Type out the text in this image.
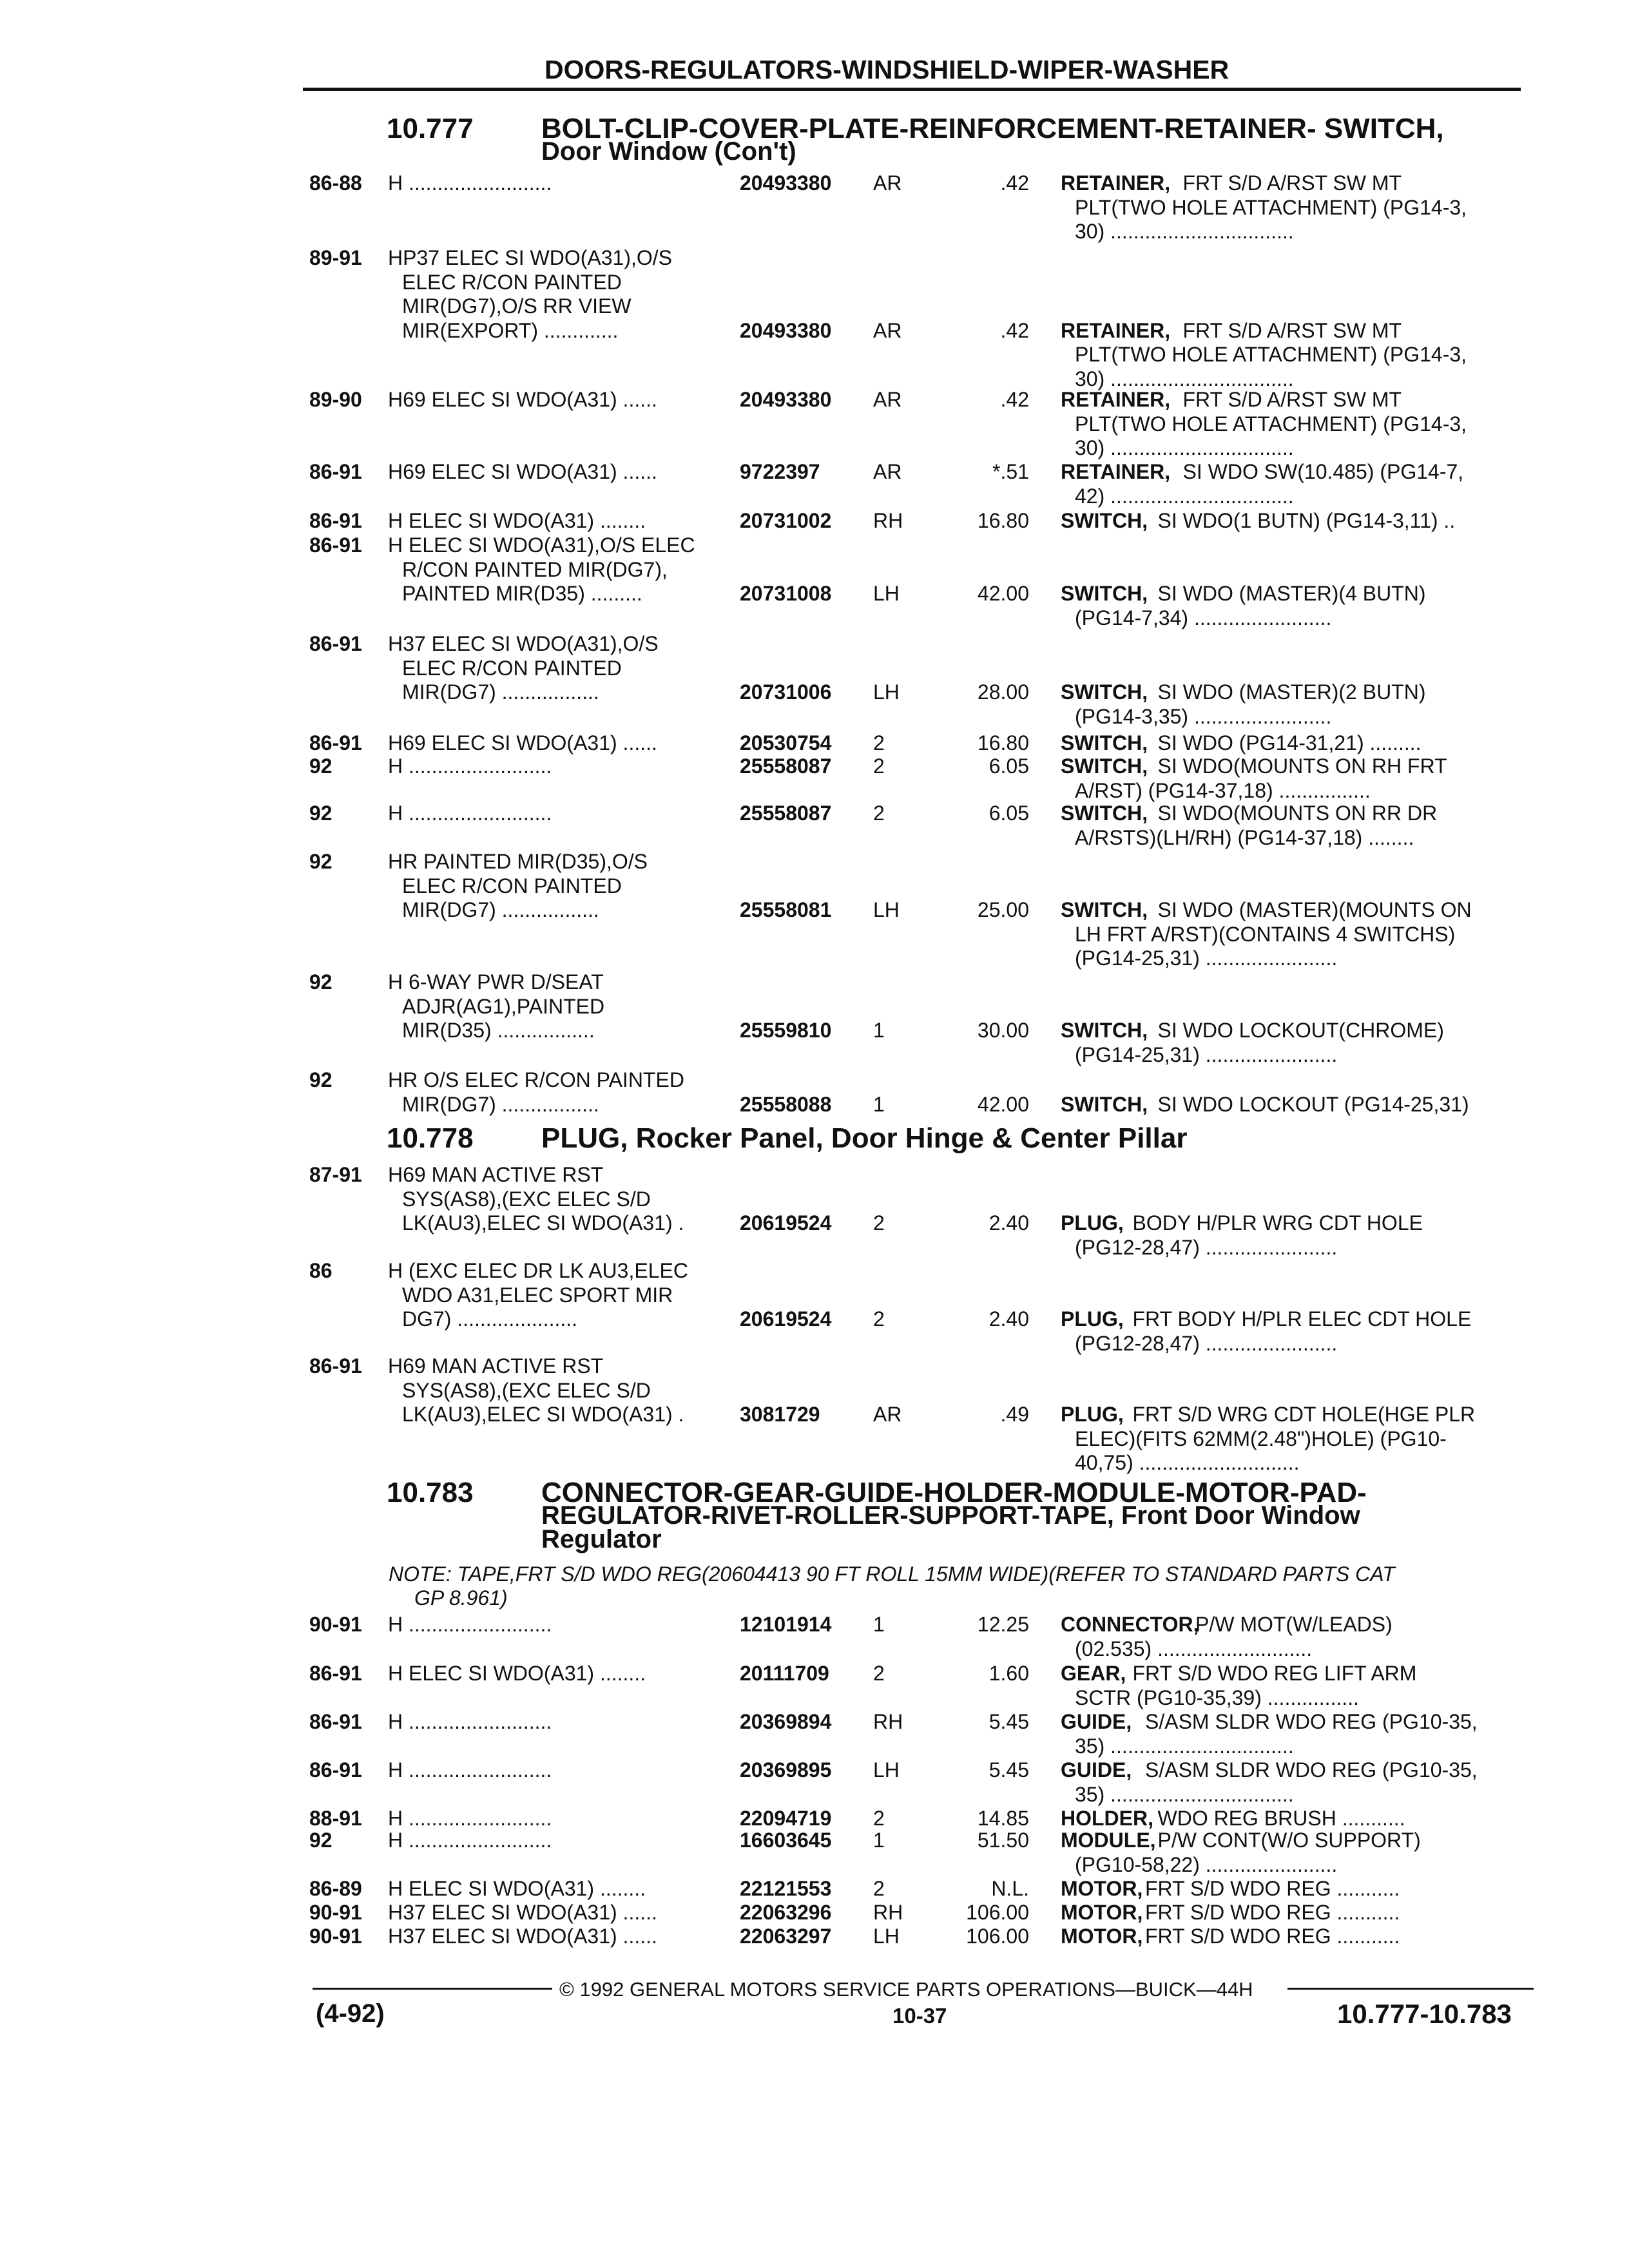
DOORS-REGULATORS-WINDSHIELD-WIPER-WASHER
10.777 BOLT-CLIP-COVER-PLATE-REINFORCEMENT-RETAINER- SWITCH,
Door Window (Con't)
86-88 H .........................	20493380 AR	.42 RETAINER, FRT S/D A/RST SW MT
PLT(TWO HOLE ATTACHMENT) (PG14-3,
30) ................................
89-91 HP37 ELEC SI WDO(A31),O/S
ELEC R/CON PAINTED
MIR(DG7),O/S RR VIEW
MIR(EXPORT) .............	20493380 AR	.42 RETAINER, FRT S/D A/RST SW MT
PLT(TWO HOLE ATTACHMENT) (PG14-3,
30) ................................
89-90 H69 ELEC SI WDO(A31) ......	20493380 AR	.42 RETAINER, FRT S/D A/RST SW MT
PLT(TWO HOLE ATTACHMENT) (PG14-3,
30) ................................
86-91 H69 ELEC SI WDO(A31) ......	9722397	AR	*.51 RETAINER, SI WDO SW(10.485) (PG14-7,
42) ................................
86-91 H ELEC SI WDO(A31) ........	20731002 RH	16.80 SWITCH, SI WDO(1 BUTN) (PG14-3,11) ..
86-91 H ELEC SI WDO(A31),O/S ELEC
R/CON PAINTED MIR(DG7),
PAINTED MIR(D35) .........	20731008 LH	42.00 SWITCH, SI WDO (MASTER)(4 BUTN)
(PG14-7,34) ........................
86-91 H37 ELEC SI WDO(A31),O/S
ELEC R/CON PAINTED
MIR(DG7) .................	20731006 LH	28.00 SWITCH, SI WDO (MASTER)(2 BUTN)
(PG14-3,35) ........................
86-91 H69 ELEC SI WDO(A31) ......	20530754 2	16.80 SWITCH, SI WDO (PG14-31,21) .........
92	H .........................	25558087 2	6.05 SWITCH, SI WDO(MOUNTS ON RH FRT
A/RST) (PG14-37,18) ................
92	H .........................	25558087 2	6.05 SWITCH, SI WDO(MOUNTS ON RR DR
A/RSTS)(LH/RH) (PG14-37,18) ........
92	HR PAINTED MIR(D35),O/S
ELEC R/CON PAINTED
MIR(DG7) .................	25558081 LH	25.00 SWITCH, SI WDO (MASTER)(MOUNTS ON
LH FRT A/RST)(CONTAINS 4 SWITCHS)
(PG14-25,31) .......................
92	H 6-WAY PWR D/SEAT
ADJR(AG1),PAINTED
MIR(D35) .................	25559810 1	30.00 SWITCH, SI WDO LOCKOUT(CHROME)
(PG14-25,31) .......................
92	HR O/S ELEC R/CON PAINTED
MIR(DG7) .................	25558088 1	42.00 SWITCH, SI WDO LOCKOUT (PG14-25,31)
10.778 PLUG, Rocker Panel, Door Hinge & Center Pillar
87-91 H69 MAN ACTIVE RST
SYS(AS8),(EXC ELEC S/D
LK(AU3),ELEC SI WDO(A31) .	20619524 2	2.40 PLUG, BODY H/PLR WRG CDT HOLE
(PG12-28,47) .......................
86	H (EXC ELEC DR LK AU3,ELEC
WDO A31,ELEC SPORT MIR
DG7) .....................	20619524 2	2.40 PLUG, FRT BODY H/PLR ELEC CDT HOLE
(PG12-28,47) .......................
86-91 H69 MAN ACTIVE RST
SYS(AS8),(EXC ELEC S/D
LK(AU3),ELEC SI WDO(A31) .	3081729	AR	.49 PLUG, FRT S/D WRG CDT HOLE(HGE PLR
ELEC)(FITS 62MM(2.48")HOLE) (PG10-
40,75) ............................
10.783 CONNECTOR-GEAR-GUIDE-HOLDER-MODULE-MOTOR-PAD-
REGULATOR-RIVET-ROLLER-SUPPORT-TAPE, Front Door Window
Regulator
NOTE: TAPE,FRT S/D WDO REG(20604413 90 FT ROLL 15MM WIDE)(REFER TO STANDARD PARTS CAT
GP 8.961)
90-91 H .........................	12101914 1	12.25 CONNECTOR,
P/W MOT(W/LEADS)
(02.535) ...........................
86-91 H ELEC SI WDO(A31) ........	20111709 2	1.60 GEAR, FRT S/D WDO REG LIFT ARM
SCTR (PG10-35,39) ................
86-91 H .........................	20369894 RH	5.45 GUIDE, S/ASM SLDR WDO REG (PG10-35,
35) ................................
86-91 H .........................	20369895 LH	5.45 GUIDE, S/ASM SLDR WDO REG (PG10-35,
35) ................................
88-91 H .........................	22094719 2	14.85 HOLDER, WDO REG BRUSH ...........
92	H .........................	16603645 1	51.50 MODULE, P/W CONT(W/O SUPPORT)
(PG10-58,22) .......................
86-89 H ELEC SI WDO(A31) ........	22121553 2	N.L. MOTOR, FRT S/D WDO REG ...........
90-91 H37 ELEC SI WDO(A31) ......	22063296 RH	106.00 MOTOR, FRT S/D WDO REG ...........
90-91 H37 ELEC SI WDO(A31) ......	22063297 LH	106.00 MOTOR, FRT S/D WDO REG ...........
© 1992 GENERAL MOTORS SERVICE PARTS OPERATIONS—BUICK—44H
(4-92)	10-37	10.777-10.783
